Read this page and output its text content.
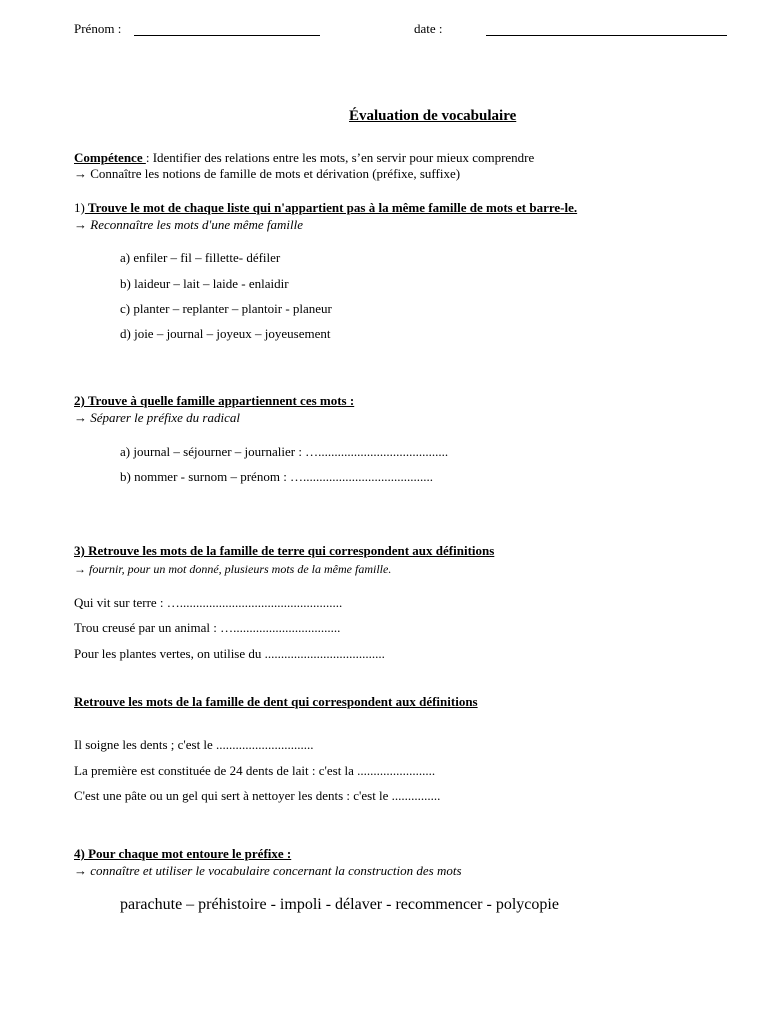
Prénom :	date :
Évaluation de vocabulaire
Compétence : Identifier des relations entre les mots, s’en servir pour mieux comprendre
→ Connaître les notions de famille de mots et dérivation (préfixe, suffixe)
1) Trouve le mot de chaque liste qui n'appartient pas à la même famille de mots et barre-le.
→ Reconnaître les mots d'une même famille
a) enfiler – fil – fillette- défiler
b) laideur – lait – laide - enlaidir
c) planter – replanter – plantoir - planeur
d) joie – journal – joyeux – joyeusement
2) Trouve à quelle famille appartiennent ces mots :
→ Séparer le préfixe du radical
a) journal – séjourner – journalier : …........................................
b) nommer - surnom – prénom : …........................................
3) Retrouve les mots de la famille de terre qui correspondent aux définitions
→ fournir, pour un mot donné, plusieurs mots de la même famille.
Qui vit sur terre : …..................................................
Trou creusé par un animal : ….................................
Pour les plantes vertes, on utilise du .....................................
Retrouve les mots de la famille de dent qui correspondent aux définitions
Il soigne les dents ; c'est le ..............................
La première est constituée de 24 dents de lait : c'est la ........................
C'est une pâte ou un gel qui sert à nettoyer les dents : c'est le ...............
4) Pour chaque mot entoure le préfixe :
→ connaître et utiliser le vocabulaire concernant la construction des mots
parachute – préhistoire - impoli - délaver - recommencer - polycopie
